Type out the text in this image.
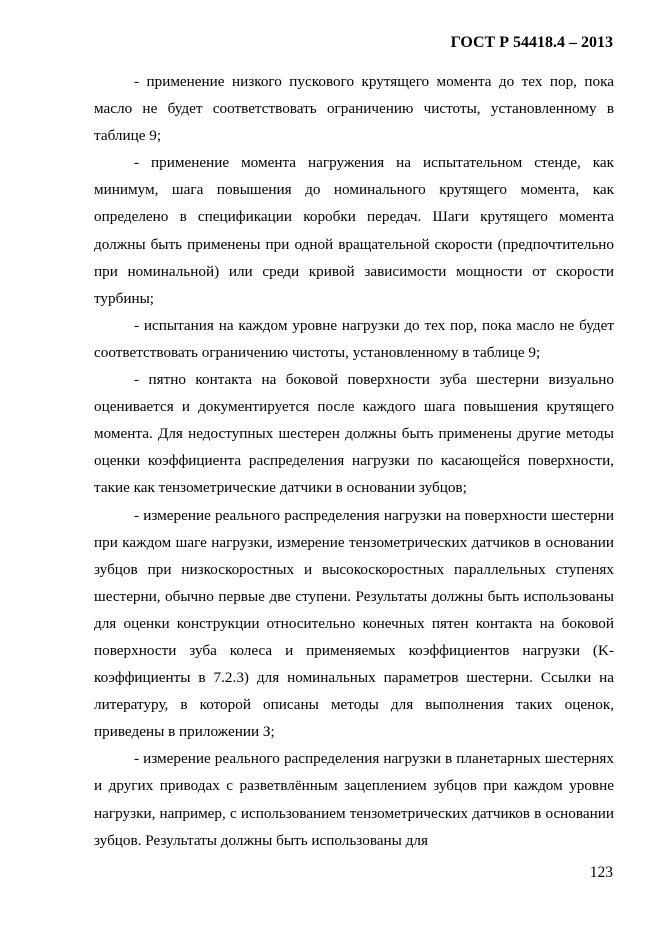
ГОСТ Р 54418.4 – 2013

- применение низкого пускового крутящего момента до тех пор, пока масло не будет соответствовать ограничению чистоты, установленному в таблице 9;

- применение момента нагружения на испытательном стенде, как минимум, шага повышения до номинального крутящего момента, как определено в спецификации коробки передач. Шаги крутящего момента должны быть применены при одной вращательной скорости (предпочтительно при номинальной) или среди кривой зависимости мощности от скорости турбины;

- испытания на каждом уровне нагрузки до тех пор, пока масло не будет соответствовать ограничению чистоты, установленному в таблице 9;

- пятно контакта на боковой поверхности зуба шестерни визуально оценивается и документируется после каждого шага повышения крутящего момента. Для недоступных шестерен должны быть применены другие методы оценки коэффициента распределения нагрузки по касающейся поверхности, такие как тензометрические датчики в основании зубцов;

- измерение реального распределения нагрузки на поверхности шестерни при каждом шаге нагрузки, измерение тензометрических датчиков в основании зубцов при низкоскоростных и высокоскоростных параллельных ступенях шестерни, обычно первые две ступени. Результаты должны быть использованы для оценки конструкции относительно конечных пятен контакта на боковой поверхности зуба колеса и применяемых коэффициентов нагрузки (K-коэффициенты в 7.2.3) для номинальных параметров шестерни. Ссылки на литературу, в которой описаны методы для выполнения таких оценок, приведены в приложении З;

- измерение реального распределения нагрузки в планетарных шестернях и других приводах с разветвлённым зацеплением зубцов при каждом уровне нагрузки, например, с использованием тензометрических датчиков в основании зубцов. Результаты должны быть использованы для

123
